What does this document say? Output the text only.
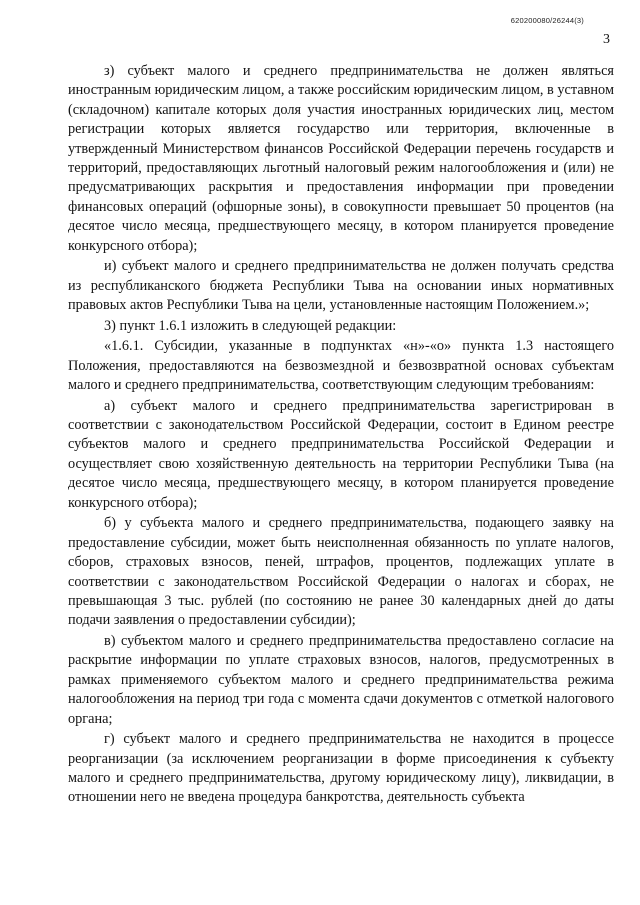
620200080/26244(3)
3

з) субъект малого и среднего предпринимательства не должен являться иностранным юридическим лицом, а также российским юридическим лицом, в уставном (складочном) капитале которых доля участия иностранных юридических лиц, местом регистрации которых является государство или территория, включенные в утвержденный Министерством финансов Российской Федерации перечень государств и территорий, предоставляющих льготный налоговый режим налогообложения и (или) не предусматривающих раскрытия и предоставления информации при проведении финансовых операций (офшорные зоны), в совокупности превышает 50 процентов (на десятое число месяца, предшествующего месяцу, в котором планируется проведение конкурсного отбора);

и) субъект малого и среднего предпринимательства не должен получать средства из республиканского бюджета Республики Тыва на основании иных нормативных правовых актов Республики Тыва на цели, установленные настоящим Положением.»;

3) пункт 1.6.1 изложить в следующей редакции:

«1.6.1. Субсидии, указанные в подпунктах «н»-«о» пункта 1.3 настоящего Положения, предоставляются на безвозмездной и безвозвратной основах субъектам малого и среднего предпринимательства, соответствующим следующим требованиям:

а) субъект малого и среднего предпринимательства зарегистрирован в соответствии с законодательством Российской Федерации, состоит в Едином реестре субъектов малого и среднего предпринимательства Российской Федерации и осуществляет свою хозяйственную деятельность на территории Республики Тыва (на десятое число месяца, предшествующего месяцу, в котором планируется проведение конкурсного отбора);

б) у субъекта малого и среднего предпринимательства, подающего заявку на предоставление субсидии, может быть неисполненная обязанность по уплате налогов, сборов, страховых взносов, пеней, штрафов, процентов, подлежащих уплате в соответствии с законодательством Российской Федерации о налогах и сборах, не превышающая 3 тыс. рублей (по состоянию не ранее 30 календарных дней до даты подачи заявления о предоставлении субсидии);

в) субъектом малого и среднего предпринимательства предоставлено согласие на раскрытие информации по уплате страховых взносов, налогов, предусмотренных в рамках применяемого субъектом малого и среднего предпринимательства режима налогообложения на период три года с момента сдачи документов с отметкой налогового органа;

г) субъект малого и среднего предпринимательства не находится в процессе реорганизации (за исключением реорганизации в форме присоединения к субъекту малого и среднего предпринимательства, другому юридическому лицу), ликвидации, в отношении него не введена процедура банкротства, деятельность субъекта
